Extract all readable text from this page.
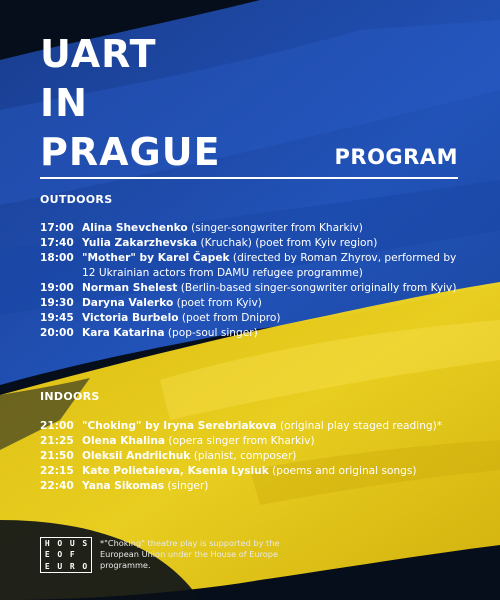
UART
IN
PRAGUE	PROGRAM
OUTDOORS
17:00 Alina Shevchenko (singer-songwriter from Kharkiv)
17:40 Yulia Zakarzhevska (Kruchak) (poet from Kyiv region)
18:00 "Mother" by Karel Čapek (directed by Roman Zhyrov, performed by 12 Ukrainian actors from DAMU refugee programme)
19:00 Norman Shelest (Berlin-based singer-songwriter originally from Kyiv)
19:30 Daryna Valerko (poet from Kyiv)
19:45 Victoria Burbelo (poet from Dnipro)
20:00 Kara Katarina (pop-soul singer)
INDOORS
21:00 "Choking" by Iryna Serebriakova (original play staged reading)*
21:25 Olena Khalina (opera singer from Kharkiv)
21:50 Oleksii Andriichuk (pianist, composer)
22:15 Kate Polietaieva, Ksenia Lysiuk (poems and original songs)
22:40 Yana Sikomas (singer)
H O U S
E O F
E U R O
*"Choking" theatre play is supported by the European Union under the House of Europe programme.
